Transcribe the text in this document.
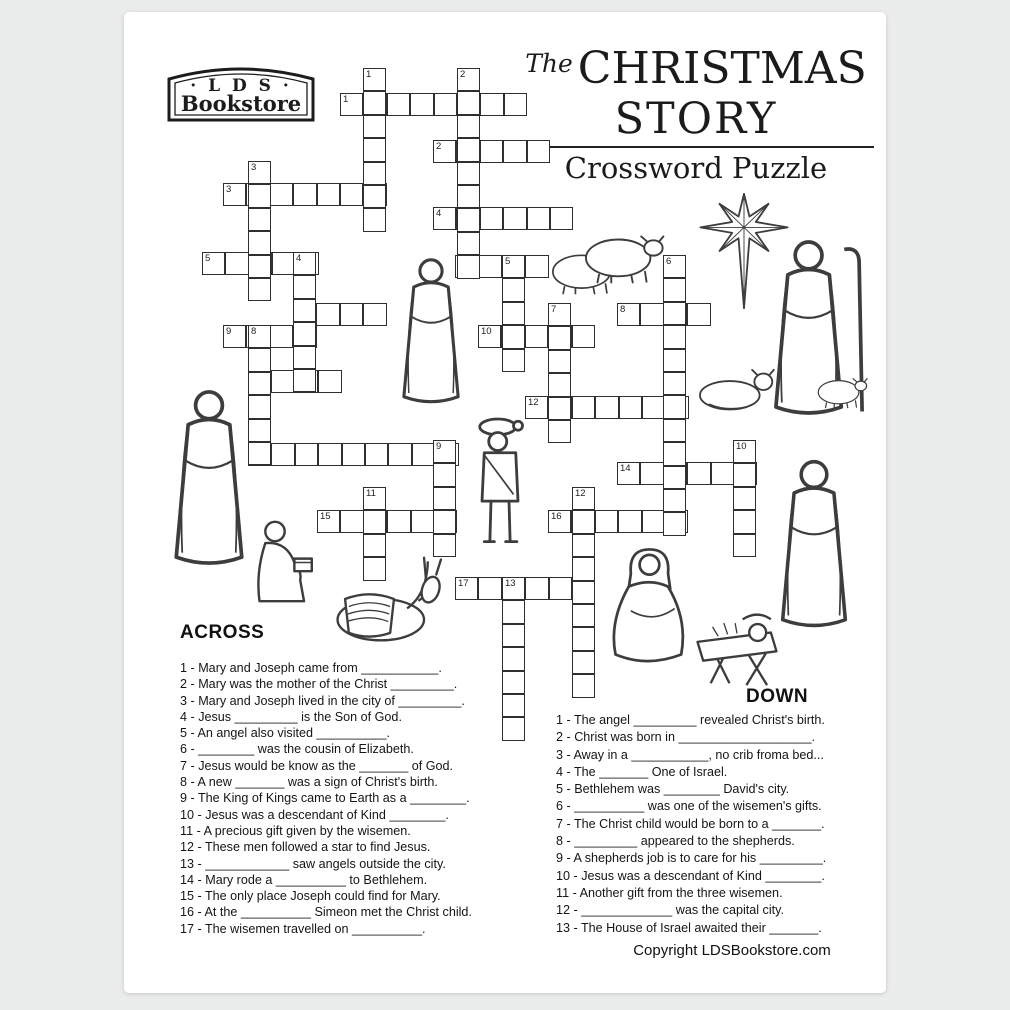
· L D S ·
Bookstore
$^{The}$ CHRISTMAS
STORY
Crossword Puzzle
1
2
3
4
5
8
9	10
12
14
15	16
17
1	2
3
4	5	6
7
8
9	10
11	12
13
ACROSS
1 - Mary and Joseph came from ___________.
2 - Mary was the mother of the Christ _________.
3 - Mary and Joseph lived in the city of _________.
4 - Jesus _________ is the Son of God.
5 - An angel also visited __________.
6 - ________ was the cousin of Elizabeth.
7 - Jesus would be know as the _______ of God.
8 - A new _______ was a sign of Christ's birth.
9 - The King of Kings came to Earth as a ________.
10 - Jesus was a descendant of Kind ________.
11 - A precious gift given by the wisemen.
12 - These men followed a star to find Jesus.
13 - ____________ saw angels outside the city.
14 - Mary rode a __________ to Bethlehem.
15 - The only place Joseph could find for Mary.
16 - At the __________ Simeon met the Christ child.
17 - The wisemen travelled on __________.
DOWN
1 - The angel _________ revealed Christ's birth.
2 - Christ was born in ___________________.
3 - Away in a ___________, no crib froma bed...
4 - The _______ One of Israel.
5 - Bethlehem was ________ David's city.
6 - __________ was one of the wisemen's gifts.
7 - The Christ child would be born to a _______.
8 - _________ appeared to the shepherds.
9 - A shepherds job is to care for his _________.
10 - Jesus was a descendant of Kind ________.
11 - Another gift from the three wisemen.
12 - _____________ was the capital city.
13 - The House of Israel awaited their _______.
Copyright LDSBookstore.com
